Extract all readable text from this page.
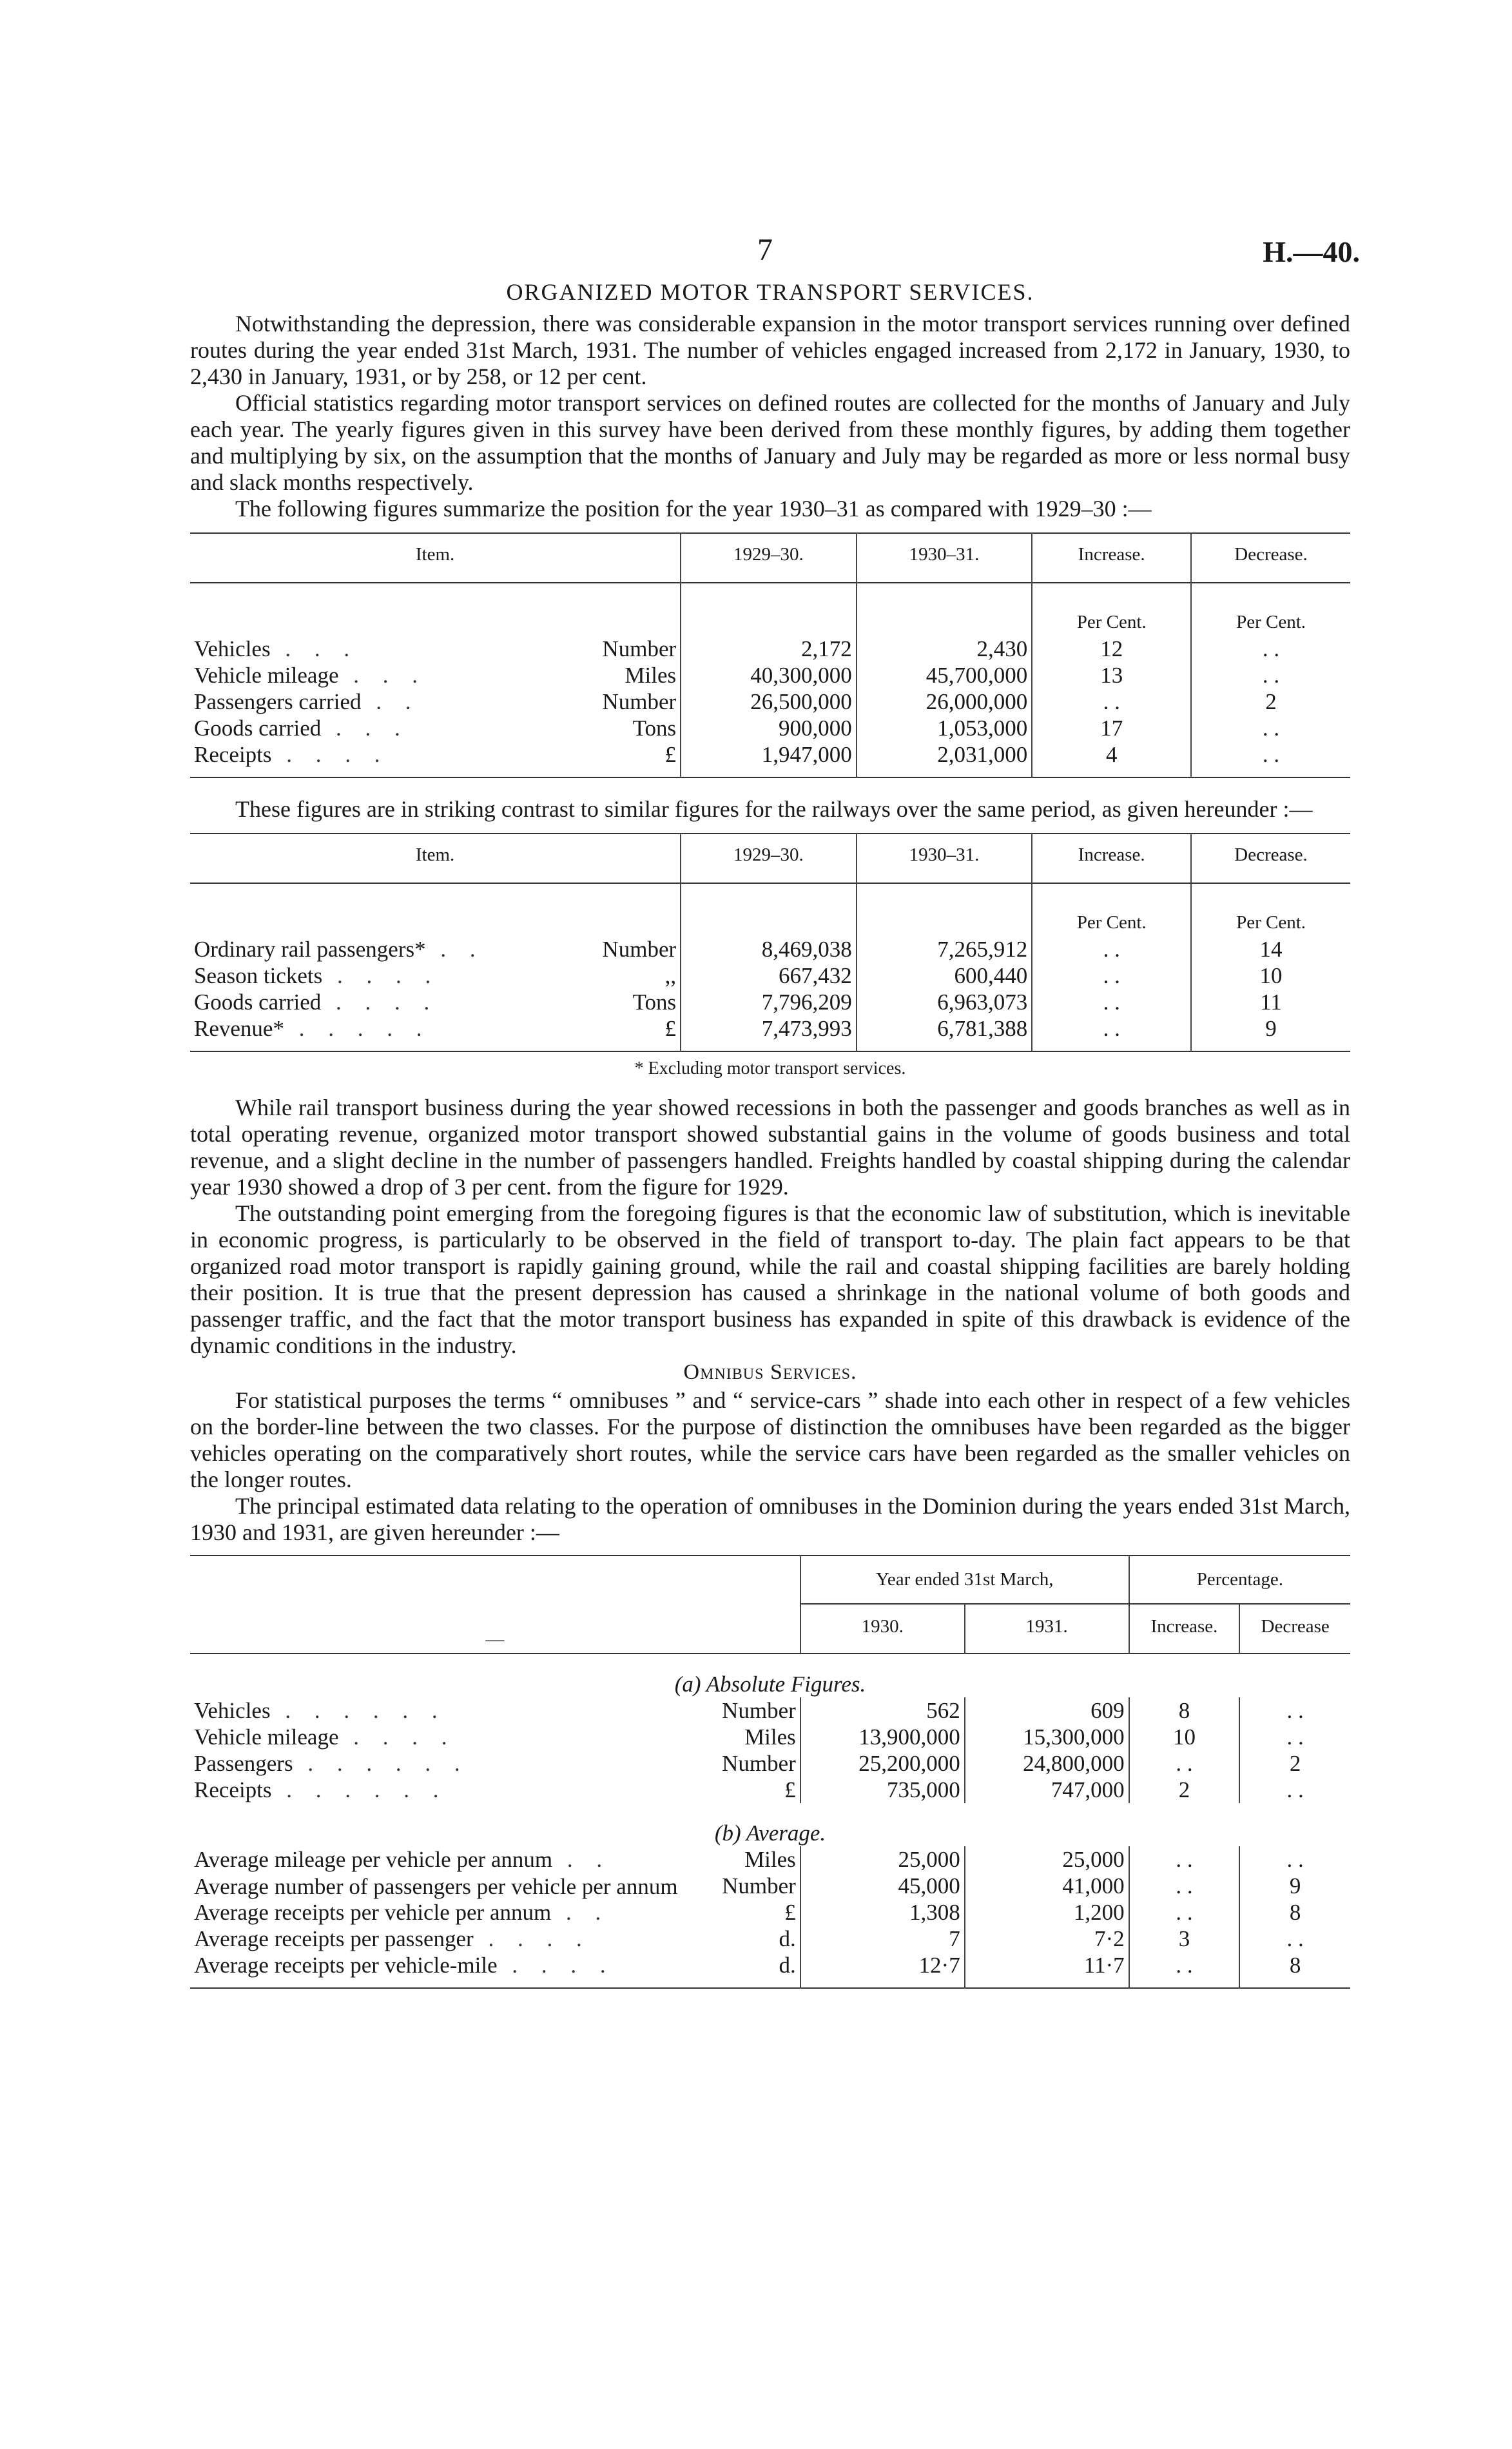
7	H.—40.
ORGANIZED MOTOR TRANSPORT SERVICES.

Notwithstanding the depression, there was considerable expansion in the motor transport services running over defined routes during the year ended 31st March, 1931. The number of vehicles engaged increased from 2,172 in January, 1930, to 2,430 in January, 1931, or by 258, or 12 per cent.

Official statistics regarding motor transport services on defined routes are collected for the months of January and July each year. The yearly figures given in this survey have been derived from these monthly figures, by adding them together and multiplying by six, on the assumption that the months of January and July may be regarded as more or less normal busy and slack months respectively.

The following figures summarize the position for the year 1930–31 as compared with 1929–30 :—

Item.	1929–30.	1930–31.	Increase.	Decrease.
			Per Cent.	Per Cent.
Vehicles . . . Number	2,172	2,430	12	. .
Vehicle mileage . . . Miles	40,300,000	45,700,000	13	. .
Passengers carried . . Number	26,500,000	26,000,000	. .	2
Goods carried . . . Tons	900,000	1,053,000	17	. .
Receipts . . . . £	1,947,000	2,031,000	4	. .

These figures are in striking contrast to similar figures for the railways over the same period, as given hereunder :—

Item.	1929–30.	1930–31.	Increase.	Decrease.
			Per Cent.	Per Cent.
Ordinary rail passengers* . . Number	8,469,038	7,265,912	. .	14
Season tickets . . . . ,,	667,432	600,440	. .	10
Goods carried . . . . Tons	7,796,209	6,963,073	. .	11
Revenue* . . . . . £	7,473,993	6,781,388	. .	9
* Excluding motor transport services.

While rail transport business during the year showed recessions in both the passenger and goods branches as well as in total operating revenue, organized motor transport showed substantial gains in the volume of goods business and total revenue, and a slight decline in the number of passengers handled. Freights handled by coastal shipping during the calendar year 1930 showed a drop of 3 per cent. from the figure for 1929.

The outstanding point emerging from the foregoing figures is that the economic law of substitution, which is inevitable in economic progress, is particularly to be observed in the field of transport to-day. The plain fact appears to be that organized road motor transport is rapidly gaining ground, while the rail and coastal shipping facilities are barely holding their position. It is true that the present depression has caused a shrinkage in the national volume of both goods and passenger traffic, and the fact that the motor transport business has expanded in spite of this drawback is evidence of the dynamic conditions in the industry.

Omnibus Services.

For statistical purposes the terms “ omnibuses ” and “ service-cars ” shade into each other in respect of a few vehicles on the border-line between the two classes. For the purpose of distinction the omnibuses have been regarded as the bigger vehicles operating on the comparatively short routes, while the service cars have been regarded as the smaller vehicles on the longer routes.

The principal estimated data relating to the operation of omnibuses in the Dominion during the years ended 31st March, 1930 and 1931, are given hereunder :—

—		Year ended 31st March,		Percentage.	
		1930.	1931.	Increase.	Decrease
(a) Absolute Figures.					
Vehicles . . . . . .	Number	562	609	8	. .
Vehicle mileage . . . .	Miles	13,900,000	15,300,000	10	. .
Passengers . . . . . .	Number	25,200,000	24,800,000	. .	2
Receipts . . . . . .	£	735,000	747,000	2	. .
(b) Average.					
Average mileage per vehicle per annum . .	Miles	25,000	25,000	. .	. .
Average number of passengers per vehicle per annum	Number	45,000	41,000	. .	9
Average receipts per vehicle per annum . .	£	1,308	1,200	. .	8
Average receipts per passenger . . . .	d.	7	7·2	3	. .
Average receipts per vehicle-mile . . . .	d.	12·7	11·7	. .	8
